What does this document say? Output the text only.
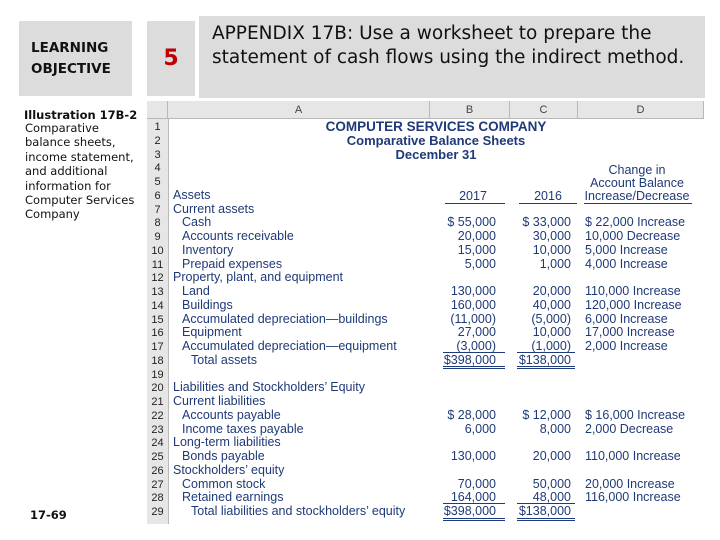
LEARNING
OBJECTIVE	5
APPENDIX 17B: Use a worksheet to prepare the statement of cash flows using the indirect method.
Illustration 17B-2
Comparative balance sheets, income statement, and additional information for Computer Services Company
17-69
A	B	C	D
1
2
3
4
5
6
7
8
9
10
11
12
13
14
15
16
17
18
19
20
21
22
23
24
25
26
27
28
29
COMPUTER SERVICES COMPANY
Comparative Balance Sheets
December 31
Change in
Account Balance
Increase/Decrease
2017	2016
Assets
Current assets
Cash	$ 55,000	$ 33,000 $ 22,000 Increase
Accounts receivable	20,000	30,000 10,000 Decrease
Inventory	15,000	10,000 5,000 Increase
Prepaid expenses	5,000	1,000 4,000 Increase
Property, plant, and equipment
Land	130,000	20,000 110,000 Increase
Buildings	160,000	40,000 120,000 Increase
Accumulated depreciation—buildings	(11,000)	(5,000) 6,000 Increase
Equipment	27,000	10,000 17,000 Increase
Accumulated depreciation—equipment	(3,000)	(1,000) 2,000 Increase
Total assets	$398,000	$138,000
Liabilities and Stockholders’ Equity
Current liabilities
Accounts payable	$ 28,000	$ 12,000 $ 16,000 Increase
Income taxes payable	6,000	8,000 2,000 Decrease
Long-term liabilities
Bonds payable	130,000	20,000 110,000 Increase
Stockholders’ equity
Common stock	70,000	50,000 20,000 Increase
Retained earnings	164,000	48,000 116,000 Increase
Total liabilities and stockholders’ equity	$398,000	$138,000
